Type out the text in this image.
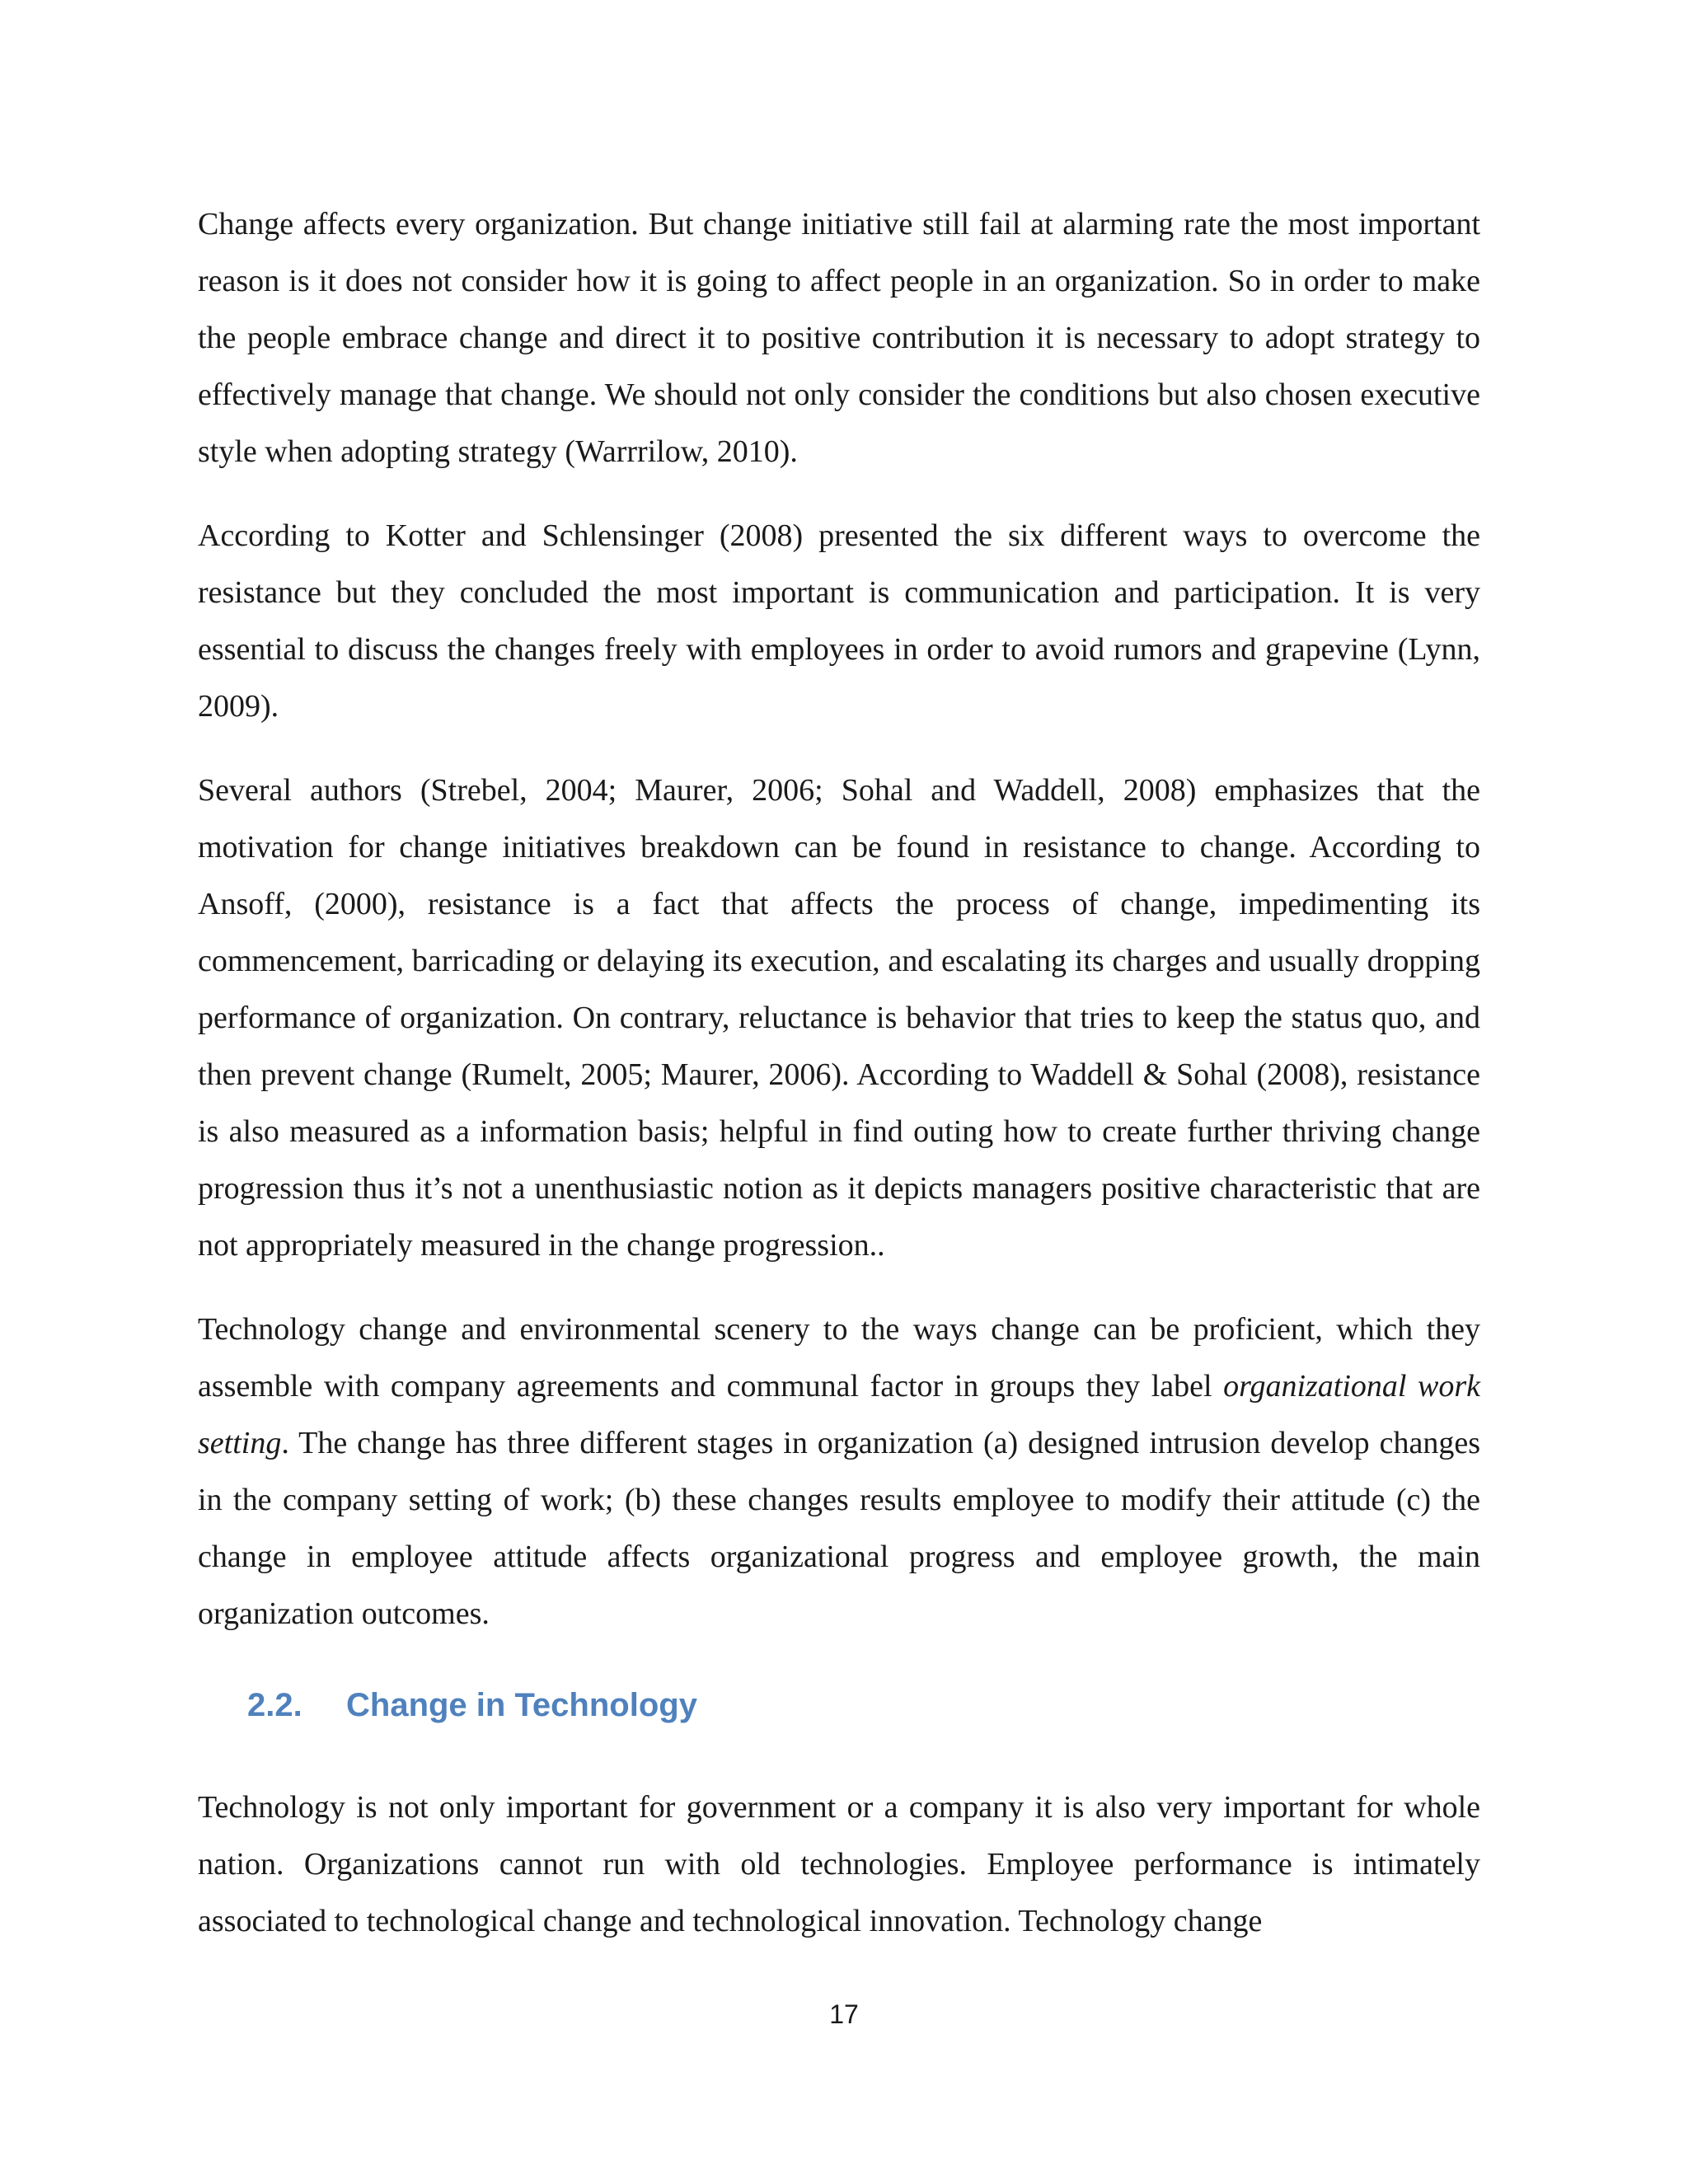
Change affects every organization. But change initiative still fail at alarming rate the most important reason is it does not consider how it is going to affect people in an organization. So in order to make the people embrace change and direct it to positive contribution it is necessary to adopt strategy to effectively manage that change. We should not only consider the conditions but also chosen executive style when adopting strategy (Warrrilow, 2010).

According to Kotter and Schlensinger (2008) presented the six different ways to overcome the resistance but they concluded the most important is communication and participation. It is very essential to discuss the changes freely with employees in order to avoid rumors and grapevine (Lynn, 2009).

Several authors (Strebel, 2004; Maurer, 2006; Sohal and Waddell, 2008) emphasizes that the motivation for change initiatives breakdown can be found in resistance to change. According to Ansoff, (2000), resistance is a fact that affects the process of change, impedimenting its commencement, barricading or delaying its execution, and escalating its charges and usually dropping performance of organization. On contrary, reluctance is behavior that tries to keep the status quo, and then prevent change (Rumelt, 2005; Maurer, 2006). According to Waddell & Sohal (2008), resistance is also measured as a information basis; helpful in find outing how to create further thriving change progression thus it’s not a unenthusiastic notion as it depicts managers positive characteristic that are not appropriately measured in the change progression..

Technology change and environmental scenery to the ways change can be proficient, which they assemble with company agreements and communal factor in groups they label organizational work setting. The change has three different stages in organization (a) designed intrusion develop changes in the company setting of work; (b) these changes results employee to modify their attitude (c) the change in employee attitude affects organizational progress and employee growth, the main organization outcomes.

2.2.	Change in Technology

Technology is not only important for government or a company it is also very important for whole nation. Organizations cannot run with old technologies. Employee performance is intimately associated to technological change and technological innovation. Technology change

17
